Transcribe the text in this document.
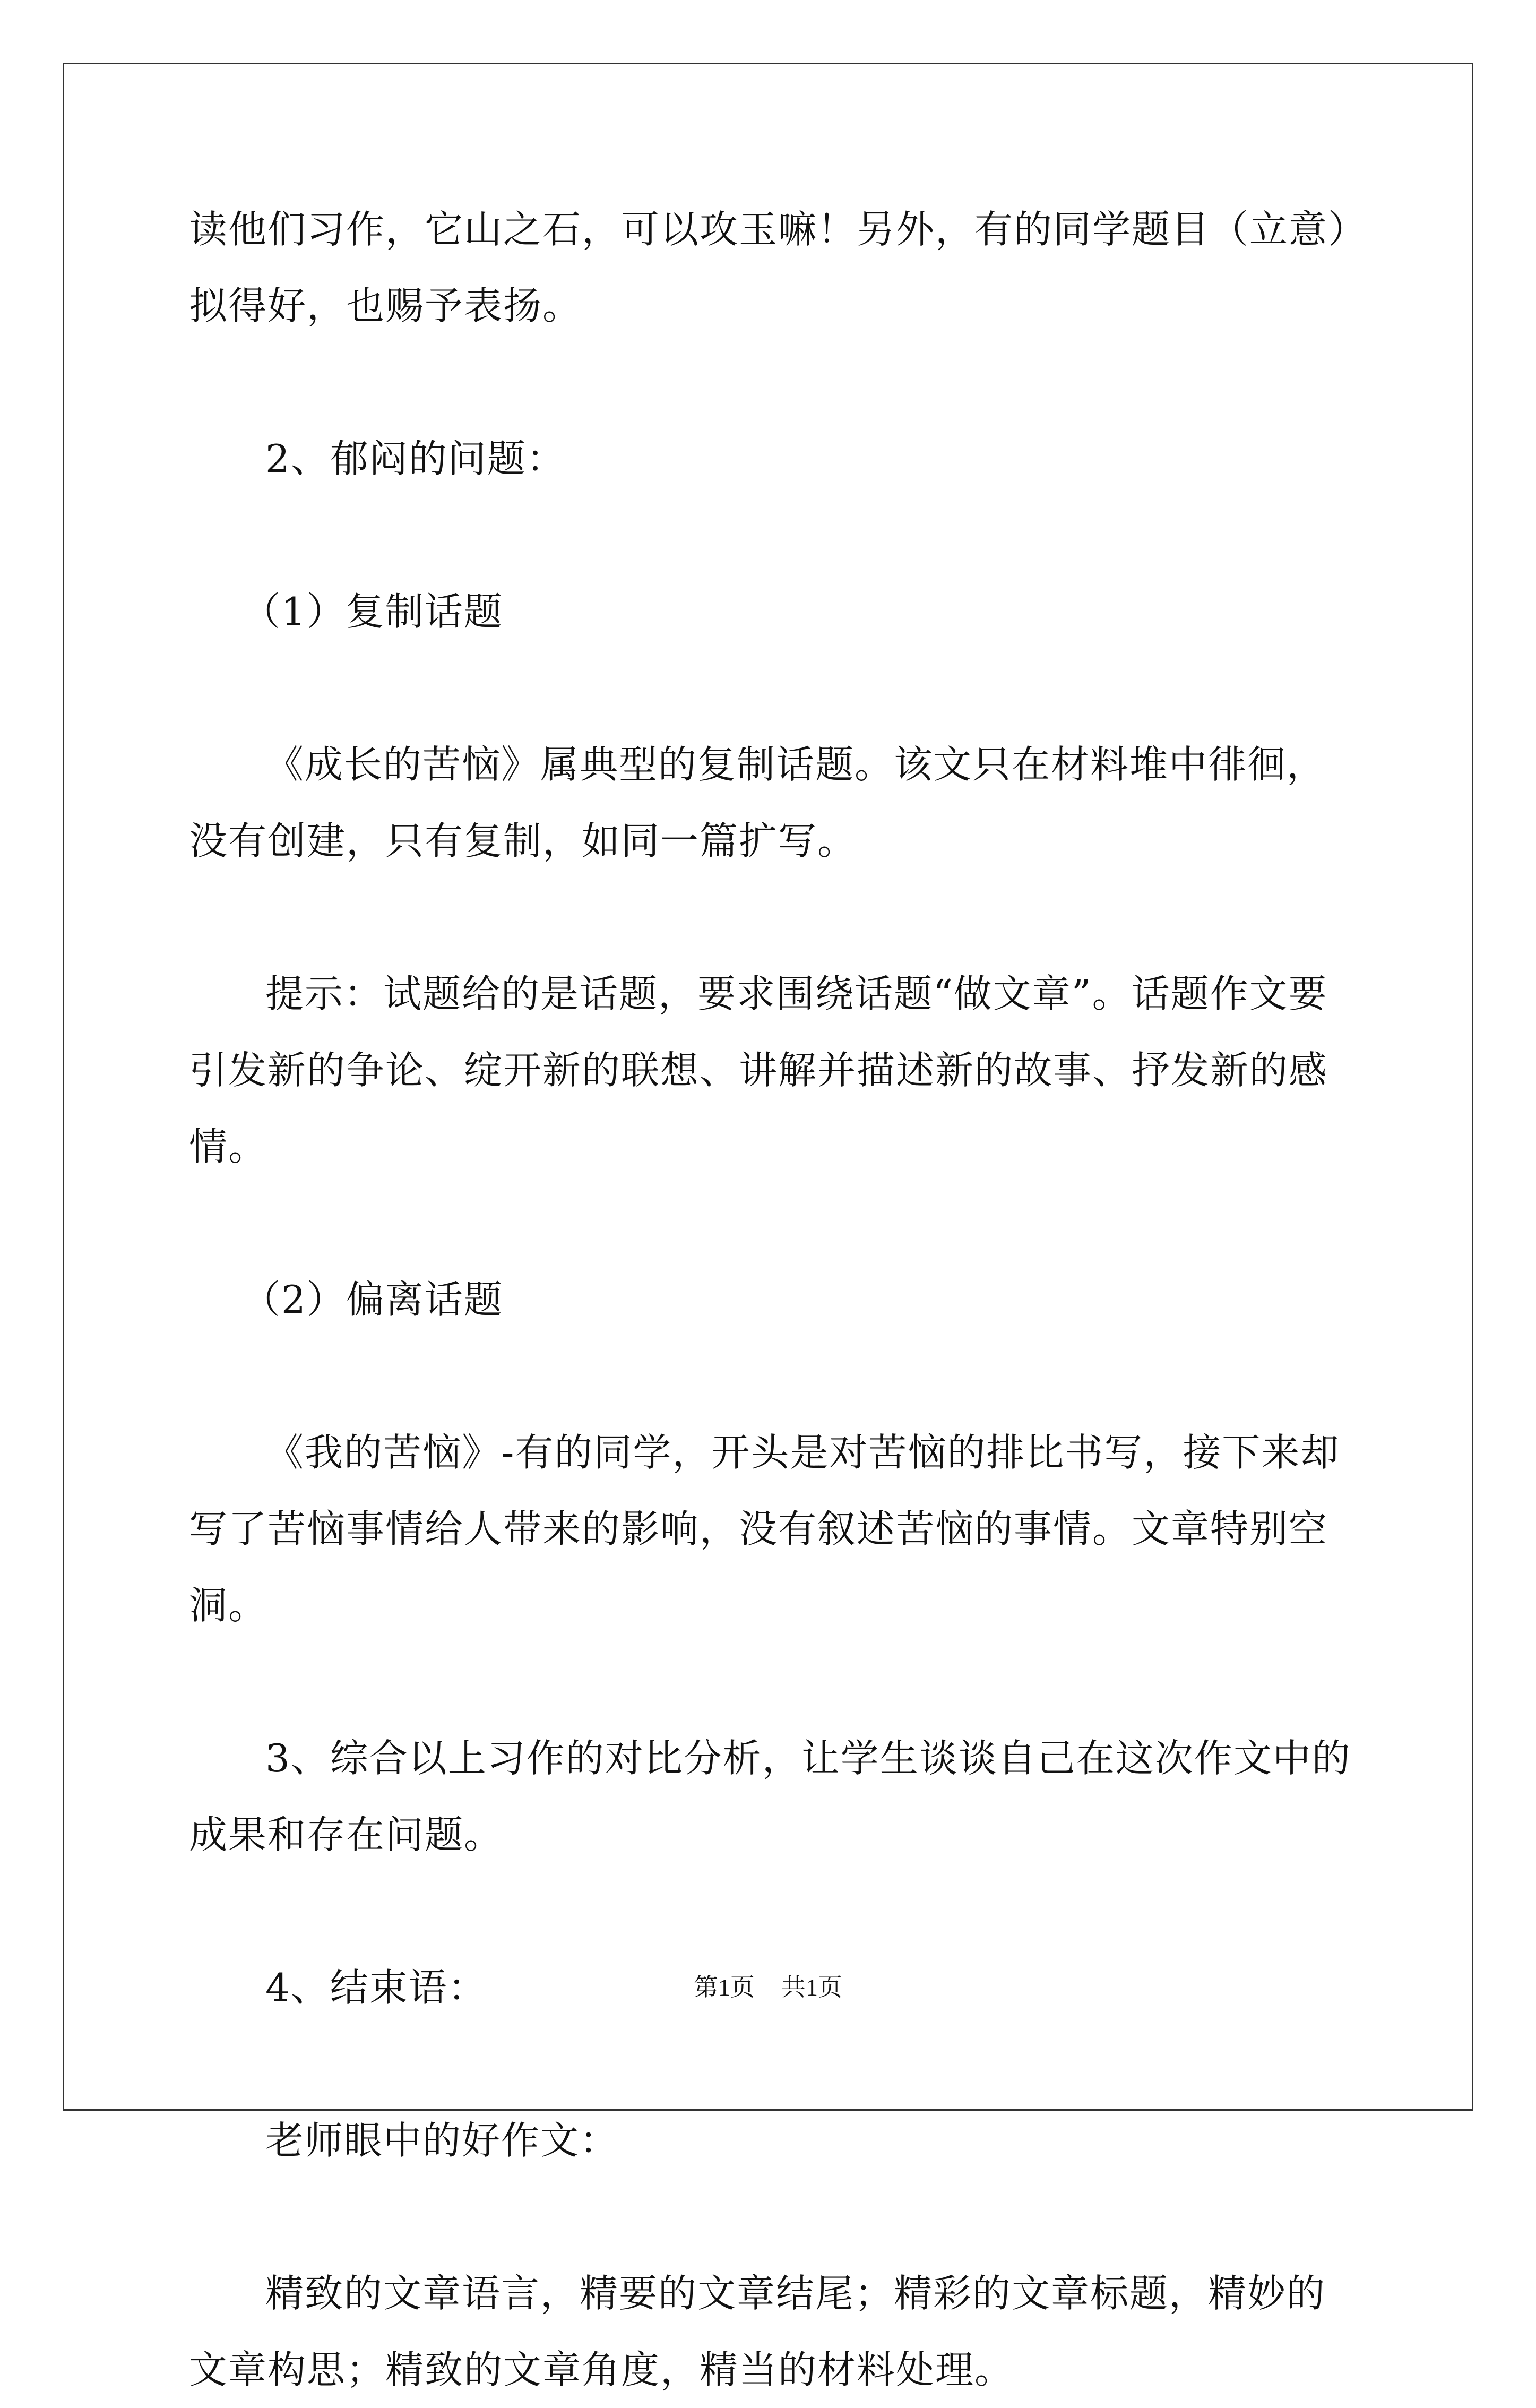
读他们习作，它山之石，可以攻玉嘛！另外，有的同学题目（立意）拟得好，也赐予表扬。

2、郁闷的问题：

（1）复制话题

《成长的苦恼》属典型的复制话题。该文只在材料堆中徘徊，没有创建，只有复制，如同一篇扩写。

提示：试题给的是话题，要求围绕话题“做文章”。话题作文要引发新的争论、绽开新的联想、讲解并描述新的故事、抒发新的感情。

（2）偏离话题

《我的苦恼》-有的同学，开头是对苦恼的排比书写，接下来却写了苦恼事情给人带来的影响，没有叙述苦恼的事情。文章特别空洞。

3、综合以上习作的对比分析，让学生谈谈自己在这次作文中的成果和存在问题。

4、结束语：

老师眼中的好作文：

精致的文章语言，精要的文章结尾；精彩的文章标题，精妙的文章构思；精致的文章角度，精当的材料处理。

第1页 共1页
